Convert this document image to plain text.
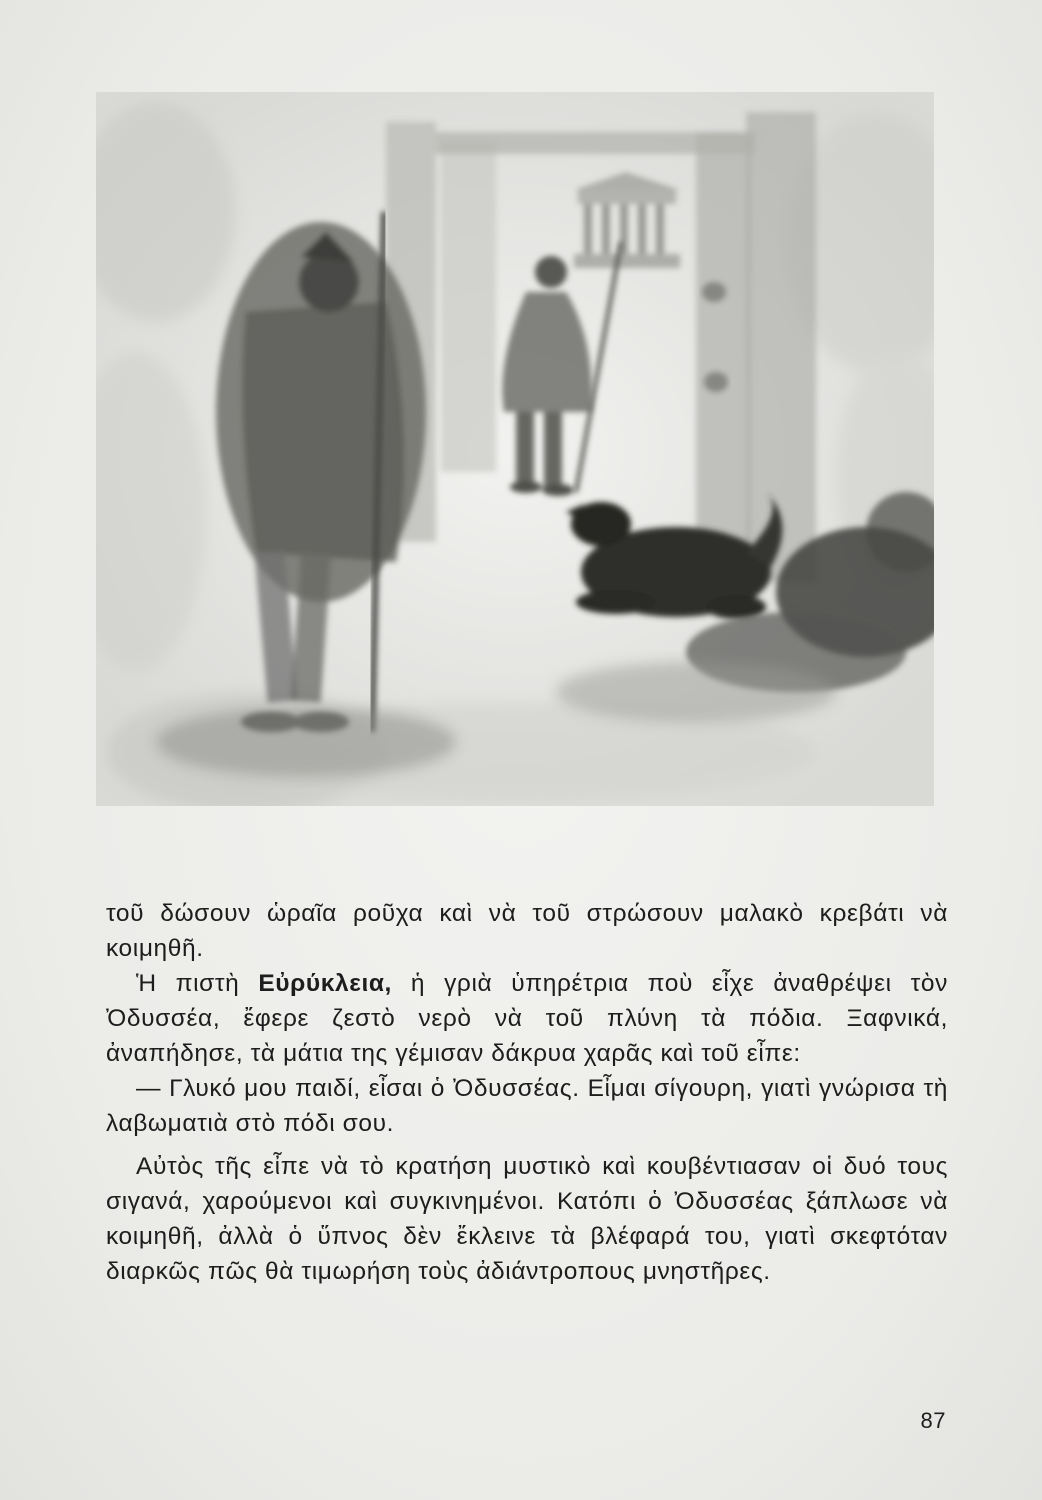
τοῦ δώσουν ὡραῖα ροῦχα καὶ νὰ τοῦ στρώσουν μαλακὸ κρεβάτι νὰ κοιμηθῆ.

Ἡ πιστὴ Εὐρύκλεια, ἡ γριὰ ὑπηρέτρια ποὺ εἶχε ἀναθρέψει τὸν Ὀδυσσέα, ἔφερε ζεστὸ νερὸ νὰ τοῦ πλύνη τὰ πόδια. Ξαφνικά, ἀναπήδησε, τὰ μάτια της γέμισαν δάκρυα χαρᾶς καὶ τοῦ εἶπε:

— Γλυκό μου παιδί, εἶσαι ὁ Ὀδυσσέας. Εἶμαι σίγουρη, γιατὶ γνώρισα τὴ λαβωματιὰ στὸ πόδι σου.

Αὐτὸς τῆς εἶπε νὰ τὸ κρατήση μυστικὸ καὶ κουβέντιασαν οἱ δυό τους σιγανά, χαρούμενοι καὶ συγκινημένοι. Κατόπι ὁ Ὀδυσσέας ξάπλωσε νὰ κοιμηθῆ, ἀλλὰ ὁ ὕπνος δὲν ἔκλεινε τὰ βλέφαρά του, γιατὶ σκεφτόταν διαρκῶς πῶς θὰ τιμωρήση τοὺς ἀδιάντροπους μνηστῆρες.

87
